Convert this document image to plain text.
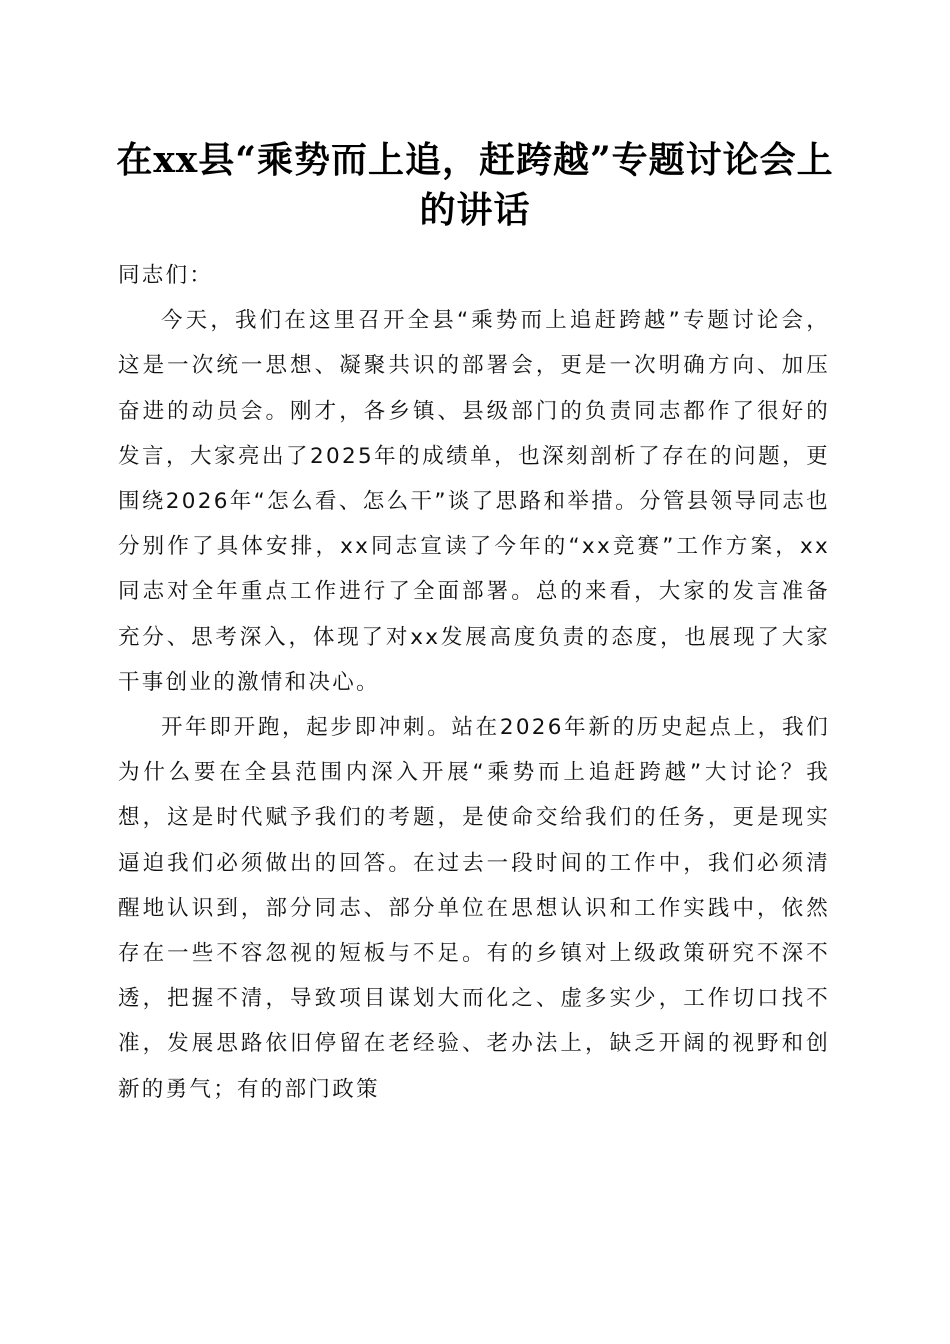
在xx县“乘势而上追，赶跨越”专题讨论会上的讲话

同志们：

今天，我们在这里召开全县“乘势而上追赶跨越”专题讨论会，这是一次统一思想、凝聚共识的部署会，更是一次明确方向、加压奋进的动员会。刚才，各乡镇、县级部门的负责同志都作了很好的发言，大家亮出了2025年的成绩单，也深刻剖析了存在的问题，更围绕2026年“怎么看、怎么干”谈了思路和举措。分管县领导同志也分别作了具体安排，xx同志宣读了今年的“xx竞赛”工作方案，xx同志对全年重点工作进行了全面部署。总的来看，大家的发言准备充分、思考深入，体现了对xx发展高度负责的态度，也展现了大家干事创业的激情和决心。

开年即开跑，起步即冲刺。站在2026年新的历史起点上，我们为什么要在全县范围内深入开展“乘势而上追赶跨越”大讨论？我想，这是时代赋予我们的考题，是使命交给我们的任务，更是现实逼迫我们必须做出的回答。在过去一段时间的工作中，我们必须清醒地认识到，部分同志、部分单位在思想认识和工作实践中，依然存在一些不容忽视的短板与不足。有的乡镇对上级政策研究不深不透，把握不清，导致项目谋划大而化之、虚多实少，工作切口找不准，发展思路依旧停留在老经验、老办法上，缺乏开阔的视野和创新的勇气；有的部门政策
